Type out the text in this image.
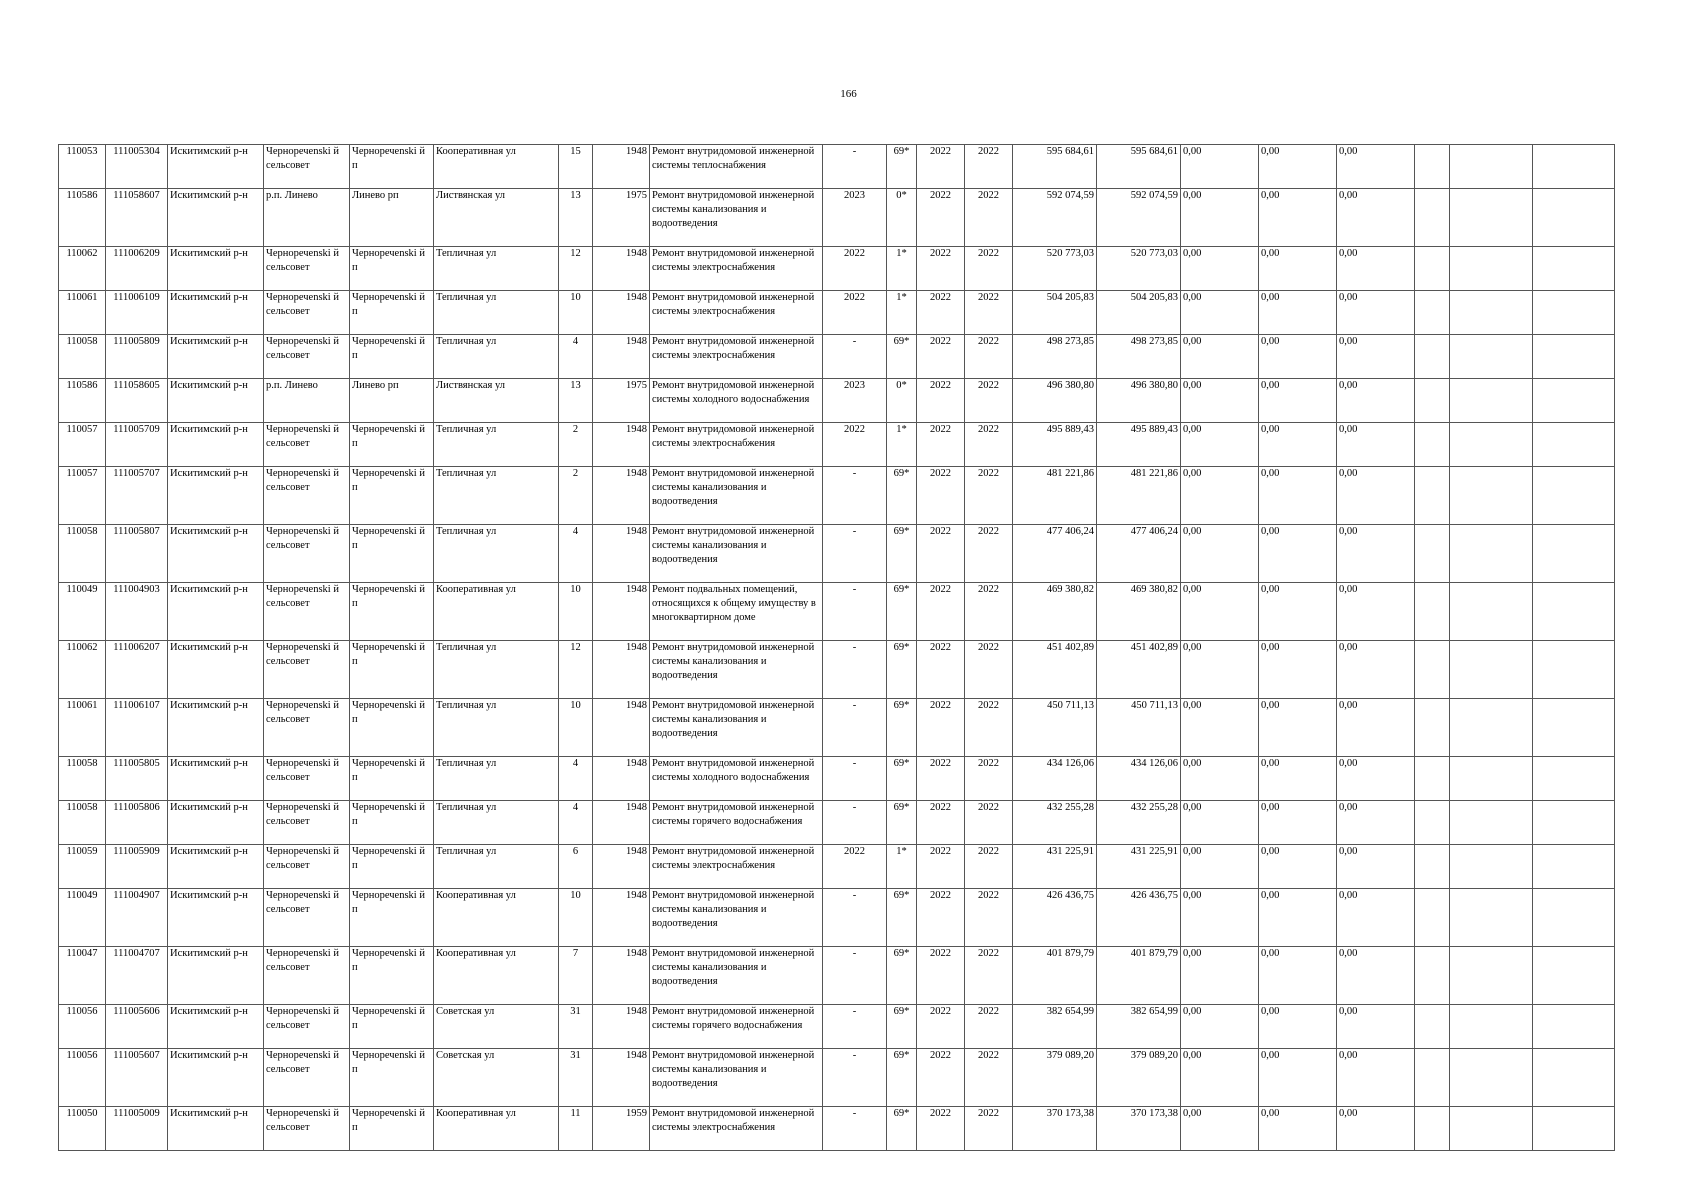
166
110053	111005304	Искитимский р-н	Черноречenski й сельсовет	Черноречenski й п	Кооперативная ул	15	1948	Ремонт внутридомовой инженерной системы теплоснабжения	-	69*	2022	2022	595 684,61	595 684,61	0,00	0,00	0,00			
110586	111058607	Искитимский р-н	р.п. Линево	Линево рп	Листвянская ул	13	1975	Ремонт внутридомовой инженерной системы канализования и водоотведения	2023	0*	2022	2022	592 074,59	592 074,59	0,00	0,00	0,00			
110062	111006209	Искитимский р-н	Черноречenski й сельсовет	Черноречenski й п	Тепличная ул	12	1948	Ремонт внутридомовой инженерной системы электроснабжения	2022	1*	2022	2022	520 773,03	520 773,03	0,00	0,00	0,00			
110061	111006109	Искитимский р-н	Черноречenski й сельсовет	Черноречenski й п	Тепличная ул	10	1948	Ремонт внутридомовой инженерной системы электроснабжения	2022	1*	2022	2022	504 205,83	504 205,83	0,00	0,00	0,00			
110058	111005809	Искитимский р-н	Черноречenski й сельсовет	Черноречenski й п	Тепличная ул	4	1948	Ремонт внутридомовой инженерной системы электроснабжения	-	69*	2022	2022	498 273,85	498 273,85	0,00	0,00	0,00			
110586	111058605	Искитимский р-н	р.п. Линево	Линево рп	Листвянская ул	13	1975	Ремонт внутридомовой инженерной системы холодного водоснабжения	2023	0*	2022	2022	496 380,80	496 380,80	0,00	0,00	0,00			
110057	111005709	Искитимский р-н	Черноречenski й сельсовет	Черноречenski й п	Тепличная ул	2	1948	Ремонт внутридомовой инженерной системы электроснабжения	2022	1*	2022	2022	495 889,43	495 889,43	0,00	0,00	0,00			
110057	111005707	Искитимский р-н	Черноречenski й сельсовет	Черноречenski й п	Тепличная ул	2	1948	Ремонт внутридомовой инженерной системы канализования и водоотведения	-	69*	2022	2022	481 221,86	481 221,86	0,00	0,00	0,00			
110058	111005807	Искитимский р-н	Черноречenski й сельсовет	Черноречenski й п	Тепличная ул	4	1948	Ремонт внутридомовой инженерной системы канализования и водоотведения	-	69*	2022	2022	477 406,24	477 406,24	0,00	0,00	0,00			
110049	111004903	Искитимский р-н	Черноречenski й сельсовет	Черноречenski й п	Кооперативная ул	10	1948	Ремонт подвальных помещений, относящихся к общему имуществу в многоквартирном доме	-	69*	2022	2022	469 380,82	469 380,82	0,00	0,00	0,00			
110062	111006207	Искитимский р-н	Черноречenski й сельсовет	Черноречenski й п	Тепличная ул	12	1948	Ремонт внутридомовой инженерной системы канализования и водоотведения	-	69*	2022	2022	451 402,89	451 402,89	0,00	0,00	0,00			
110061	111006107	Искитимский р-н	Черноречenski й сельсовет	Черноречenski й п	Тепличная ул	10	1948	Ремонт внутридомовой инженерной системы канализования и водоотведения	-	69*	2022	2022	450 711,13	450 711,13	0,00	0,00	0,00			
110058	111005805	Искитимский р-н	Черноречenski й сельсовет	Черноречenski й п	Тепличная ул	4	1948	Ремонт внутридомовой инженерной системы холодного водоснабжения	-	69*	2022	2022	434 126,06	434 126,06	0,00	0,00	0,00			
110058	111005806	Искитимский р-н	Черноречenski й сельсовет	Черноречenski й п	Тепличная ул	4	1948	Ремонт внутридомовой инженерной системы горячего водоснабжения	-	69*	2022	2022	432 255,28	432 255,28	0,00	0,00	0,00			
110059	111005909	Искитимский р-н	Черноречenski й сельсовет	Черноречenski й п	Тепличная ул	6	1948	Ремонт внутридомовой инженерной системы электроснабжения	2022	1*	2022	2022	431 225,91	431 225,91	0,00	0,00	0,00			
110049	111004907	Искитимский р-н	Черноречenski й сельсовет	Черноречenski й п	Кооперативная ул	10	1948	Ремонт внутридомовой инженерной системы канализования и водоотведения	-	69*	2022	2022	426 436,75	426 436,75	0,00	0,00	0,00			
110047	111004707	Искитимский р-н	Черноречenski й сельсовет	Черноречenski й п	Кооперативная ул	7	1948	Ремонт внутридомовой инженерной системы канализования и водоотведения	-	69*	2022	2022	401 879,79	401 879,79	0,00	0,00	0,00			
110056	111005606	Искитимский р-н	Черноречenski й сельсовет	Черноречenski й п	Советская ул	31	1948	Ремонт внутридомовой инженерной системы горячего водоснабжения	-	69*	2022	2022	382 654,99	382 654,99	0,00	0,00	0,00			
110056	111005607	Искитимский р-н	Черноречenski й сельсовет	Черноречenski й п	Советская ул	31	1948	Ремонт внутридомовой инженерной системы канализования и водоотведения	-	69*	2022	2022	379 089,20	379 089,20	0,00	0,00	0,00			
110050	111005009	Искитимский р-н	Черноречenski й сельсовет	Черноречenski й п	Кооперативная ул	11	1959	Ремонт внутридомовой инженерной системы электроснабжения	-	69*	2022	2022	370 173,38	370 173,38	0,00	0,00	0,00			
